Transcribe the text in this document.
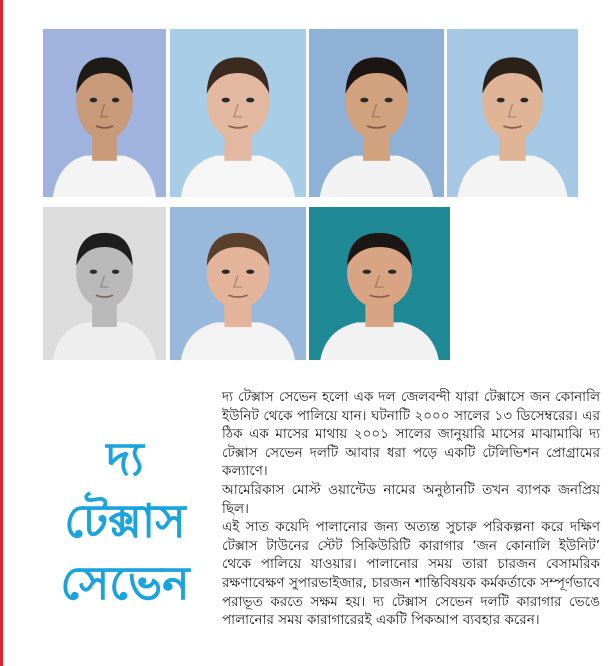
দ্য
টেক্সাস
সেভেন

দ্য টেক্সাস সেভেন হলো এক দল জেলবন্দী যারা টেক্সাসে জন কোনালি ইউনিট থেকে পালিয়ে যান। ঘটনাটি ২০০০ সালের ১৩ ডিসেম্বরের। এর ঠিক এক মাসের মাথায় ২০০১ সালের জানুয়ারি মাসের মাঝামাঝি দ্য টেক্সাস সেভেন দলটি আবার ধরা পড়ে একটি টেলিভিশন প্রোগ্রামের কল্যাণে।

আমেরিকাস মোস্ট ওয়ান্টেড নামের অনুষ্ঠানটি তখন ব্যাপক জনপ্রিয় ছিল।

এই সাত কয়েদি পালানোর জন্য অত্যন্ত সুচারু পরিকল্পনা করে দক্ষিণ টেক্সাস টাউনের স্টেট সিকিউরিটি কারাগার ‘জন কোনালি ইউনিট’ থেকে পালিয়ে যাওয়ার। পালানোর সময় তারা চারজন বেসামরিক রক্ষণাবেক্ষণ সুপারভাইজার, চারজন শান্তিবিষয়ক কর্মকর্তাকে সম্পূর্ণভাবে পরাভূত করতে সক্ষম হয়। দ্য টেক্সাস সেভেন দলটি কারাগার ভেঙে পালানোর সময় কারাগারেরই একটি পিকআপ ব্যবহার করেন।
